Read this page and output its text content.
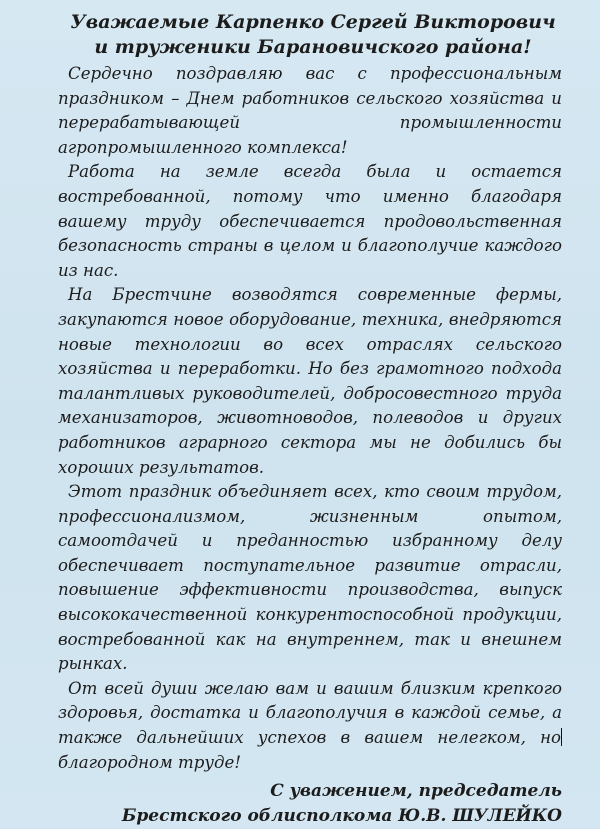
Уважаемые Карпенко Сергей Викторович
и труженики Барановичского района!

Сердечно поздравляю вас с профессиональным праздником – Днем работников сельского хозяйства и перерабатывающей промышленности агропромышленного комплекса!

Работа на земле всегда была и остается востребованной, потому что именно благодаря вашему труду обеспечивается продовольственная безопасность страны в целом и благополучие каждого из нас.

На Брестчине возводятся современные фермы, закупаются новое оборудование, техника, внедряются новые технологии во всех отраслях сельского хозяйства и переработки. Но без грамотного подхода талантливых руководителей, добросовестного труда механизаторов, животноводов, полеводов и других работников аграрного сектора мы не добились бы хороших результатов.

Этот праздник объединяет всех, кто своим трудом, профессионализмом, жизненным опытом, самоотдачей и преданностью избранному делу обеспечивает поступательное развитие отрасли, повышение эффективности производства, выпуск высококачественной конкурентоспособной продукции, востребованной как на внутреннем, так и внешнем рынках.

От всей души желаю вам и вашим близким крепкого здоровья, достатка и благополучия в каждой семье, а также дальнейших успехов в вашем нелегком, но благородном труде!

С уважением, председатель
Брестского облисполкома Ю.В. ШУЛЕЙКО
